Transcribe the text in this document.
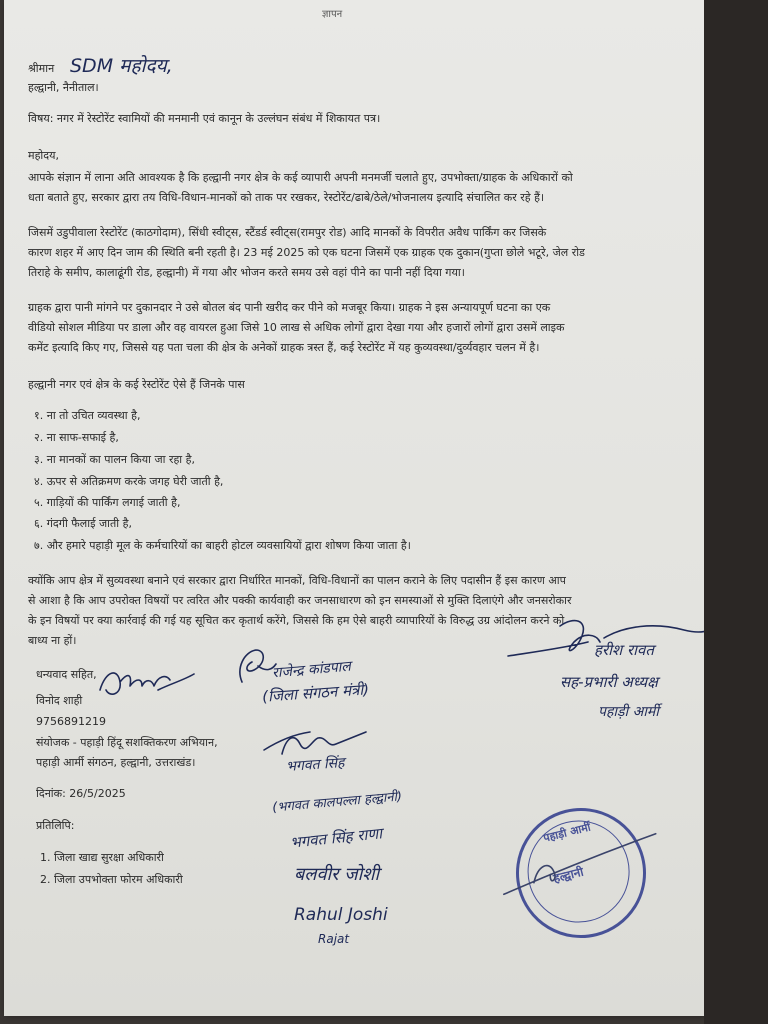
ज्ञापन
श्रीमान SDM महोदय,
हल्द्वानी, नैनीताल।
विषय: नगर में रेस्टोरेंट स्वामियों की मनमानी एवं कानून के उल्लंघन संबंध में शिकायत पत्र।
महोदय,
आपके संज्ञान में लाना अति आवश्यक है कि हल्द्वानी नगर क्षेत्र के कई व्यापारी अपनी मनमर्जी चलाते हुए, उपभोक्ता/ग्राहक के अधिकारों को
धता बताते हुए, सरकार द्वारा तय विधि-विधान-मानकों को ताक पर रखकर, रेस्टोरेंट/ढाबे/ठेले/भोजनालय इत्यादि संचालित कर रहे हैं।
जिसमें उडुपीवाला रेस्टोरेंट (काठगोदाम), सिंधी स्वीट्स, स्टैंडर्ड स्वीट्स(रामपुर रोड) आदि मानकों के विपरीत अवैध पार्किंग कर जिसके
कारण शहर में आए दिन जाम की स्थिति बनी रहती है। 23 मई 2025 को एक घटना जिसमें एक ग्राहक एक दुकान(गुप्ता छोले भटूरे, जेल रोड
तिराहे के समीप, कालाढूंगी रोड, हल्द्वानी) में गया और भोजन करते समय उसे वहां पीने का पानी नहीं दिया गया।
ग्राहक द्वारा पानी मांगने पर दुकानदार ने उसे बोतल बंद पानी खरीद कर पीने को मजबूर किया। ग्राहक ने इस अन्यायपूर्ण घटना का एक
वीडियो सोशल मीडिया पर डाला और वह वायरल हुआ जिसे 10 लाख से अधिक लोगों द्वारा देखा गया और हजारों लोगों द्वारा उसमें लाइक
कमेंट इत्यादि किए गए, जिससे यह पता चला की क्षेत्र के अनेकों ग्राहक त्रस्त हैं, कई रेस्टोरेंट में यह कुव्यवस्था/दुर्व्यवहार चलन में है।
हल्द्वानी नगर एवं क्षेत्र के कई रेस्टोरेंट ऐसे हैं जिनके पास
१. ना तो उचित व्यवस्था है,
२. ना साफ-सफाई है,
३. ना मानकों का पालन किया जा रहा है,
४. ऊपर से अतिक्रमण करके जगह घेरी जाती है,
५. गाड़ियों की पार्किंग लगाई जाती है,
६. गंदगी फैलाई जाती है,
७. और हमारे पहाड़ी मूल के कर्मचारियों का बाहरी होटल व्यवसायियों द्वारा शोषण किया जाता है।
क्योंकि आप क्षेत्र में सुव्यवस्था बनाने एवं सरकार द्वारा निर्धारित मानकों, विधि-विधानों का पालन कराने के लिए पदासीन हैं इस कारण आप
से आशा है कि आप उपरोक्त विषयों पर त्वरित और पक्की कार्यवाही कर जनसाधारण को इन समस्याओं से मुक्ति दिलाएंगे और जनसरोकार
के इन विषयों पर क्या कार्रवाई की गई यह सूचित कर कृतार्थ करेंगे, जिससे कि हम ऐसे बाहरी व्यापारियों के विरुद्ध उग्र आंदोलन करने को
बाध्य ना हों।
धन्यवाद सहित,
विनोद शाही
9756891219
संयोजक - पहाड़ी हिंदू सशक्तिकरण अभियान,
पहाड़ी आर्मी संगठन, हल्द्वानी, उत्तराखंड।
दिनांक: 26/5/2025
प्रतिलिपि:
1. जिला खाद्य सुरक्षा अधिकारी
2. जिला उपभोक्ता फोरम अधिकारी
राजेन्द्र कांडपाल
(जिला संगठन मंत्री)
हरीश रावत
सह-प्रभारी अध्यक्ष
पहाड़ी आर्मी
भगवत सिंह
(भगवत कालपल्ला हल्द्वानी)
भगवत सिंह राणा
बलवीर जोशी
Rahul Joshi
Rajat
पहाड़ी आर्मी
हल्द्वानी
